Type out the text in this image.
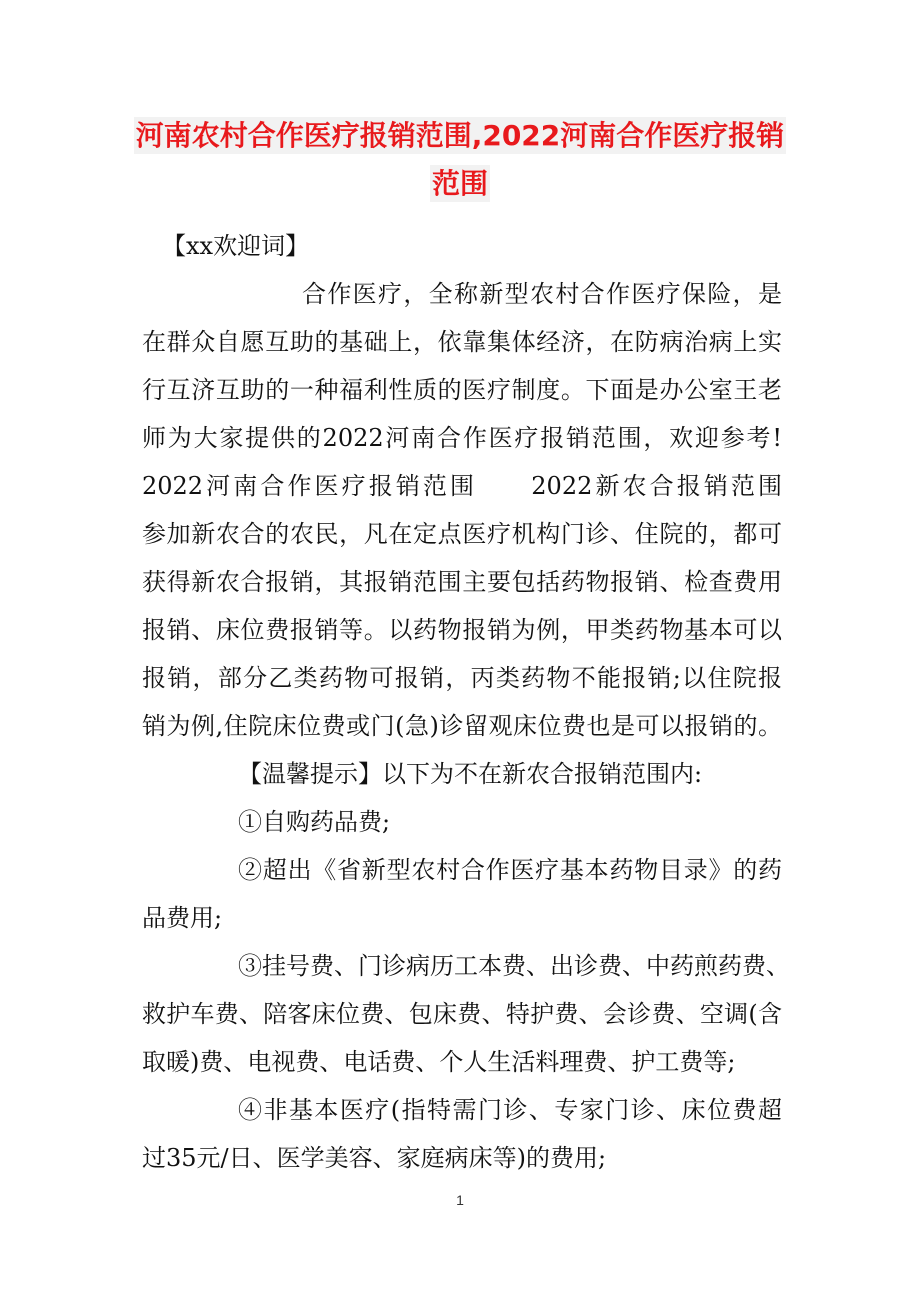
河南农村合作医疗报销范围,2022河南合作医疗报销
范围
【xx欢迎词】
合作医疗，全称新型农村合作医疗保险，是
在群众自愿互助的基础上，依靠集体经济，在防病治病上实
行互济互助的一种福利性质的医疗制度。下面是办公室王老
师为大家提供的2022河南合作医疗报销范围，欢迎参考!
2022河南合作医疗报销范围　　2022新农合报销范围
参加新农合的农民，凡在定点医疗机构门诊、住院的，都可
获得新农合报销，其报销范围主要包括药物报销、检查费用
报销、床位费报销等。以药物报销为例，甲类药物基本可以
报销，部分乙类药物可报销，丙类药物不能报销;以住院报
销为例,住院床位费或门(急)诊留观床位费也是可以报销的。
【温馨提示】以下为不在新农合报销范围内:
①自购药品费;
②超出《省新型农村合作医疗基本药物目录》的药
品费用;
③挂号费、门诊病历工本费、出诊费、中药煎药费、
救护车费、陪客床位费、包床费、特护费、会诊费、空调(含
取暖)费、电视费、电话费、个人生活料理费、护工费等;
④非基本医疗(指特需门诊、专家门诊、床位费超
过35元/日、医学美容、家庭病床等)的费用;
1
